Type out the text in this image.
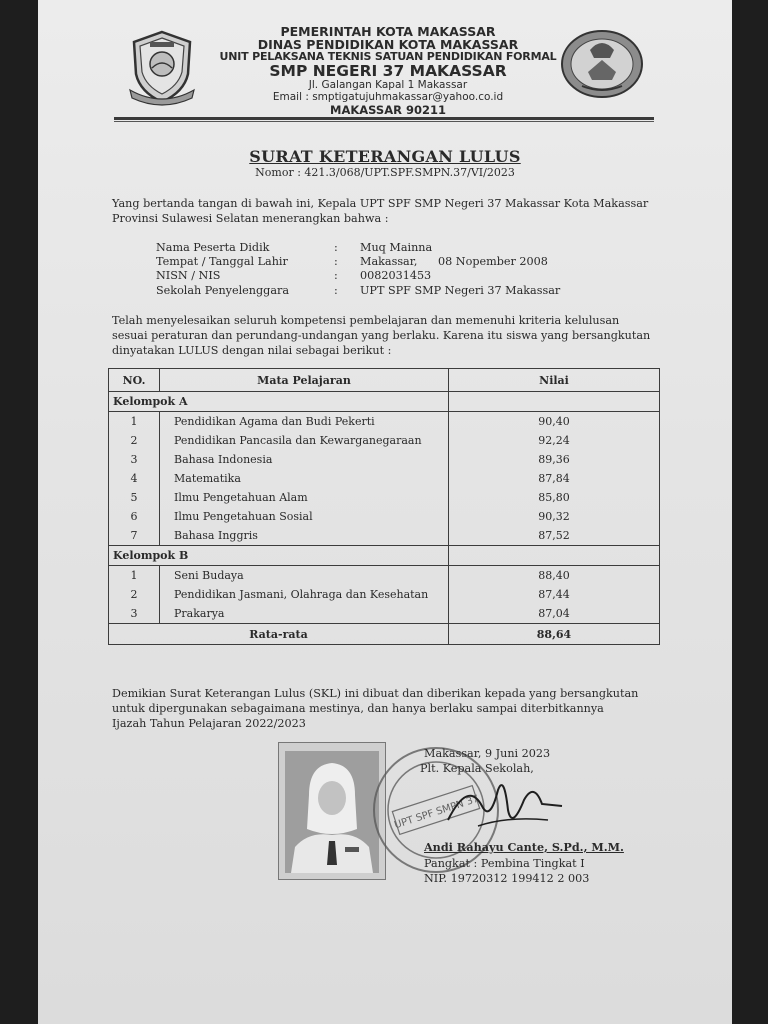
PEMERINTAH KOTA MAKASSAR
DINAS PENDIDIKAN KOTA MAKASSAR
UNIT PELAKSANA TEKNIS SATUAN PENDIDIKAN FORMAL
SMP NEGERI 37 MAKASSAR
Jl. Galangan Kapal 1 Makassar
Email : smptigatujuhmakassar@yahoo.co.id
MAKASSAR 90211
SURAT KETERANGAN LULUS
Nomor : 421.3/068/UPT.SPF.SMPN.37/VI/2023
Yang bertanda tangan di bawah ini, Kepala UPT SPF SMP Negeri 37 Makassar Kota Makassar
Provinsi Sulawesi Selatan menerangkan bahwa :
Nama Peserta Didik	: Muq Mainna
Tempat / Tanggal Lahir	: Makassar, 08 Nopember 2008
NISN / NIS	: 0082031453
Sekolah Penyelenggara	: UPT SPF SMP Negeri 37 Makassar
Telah menyelesaikan seluruh kompetensi pembelajaran dan memenuhi kriteria kelulusan
sesuai peraturan dan perundang-undangan yang berlaku. Karena itu siswa yang bersangkutan
dinyatakan LULUS dengan nilai sebagai berikut :
NO.	Mata Pelajaran	Nilai
Kelompok A		
1	Pendidikan Agama dan Budi Pekerti	90,40
2	Pendidikan Pancasila dan Kewarganegaraan	92,24
3	Bahasa Indonesia	89,36
4	Matematika	87,84
5	Ilmu Pengetahuan Alam	85,80
6	Ilmu Pengetahuan Sosial	90,32
7	Bahasa Inggris	87,52
Kelompok B		
1	Seni Budaya	88,40
2	Pendidikan Jasmani, Olahraga dan Kesehatan	87,44
3	Prakarya	87,04
Rata-rata		88,64
Demikian Surat Keterangan Lulus (SKL) ini dibuat dan diberikan kepada yang bersangkutan
untuk dipergunakan sebagaimana mestinya, dan hanya berlaku sampai diterbitkannya
Ijazah Tahun Pelajaran 2022/2023
UPT SPF SMPN 37
Makassar, 9 Juni 2023
Plt. Kepala Sekolah,
Andi Rahayu Cante, S.Pd., M.M.
Pangkat : Pembina Tingkat I
NIP. 19720312 199412 2 003
